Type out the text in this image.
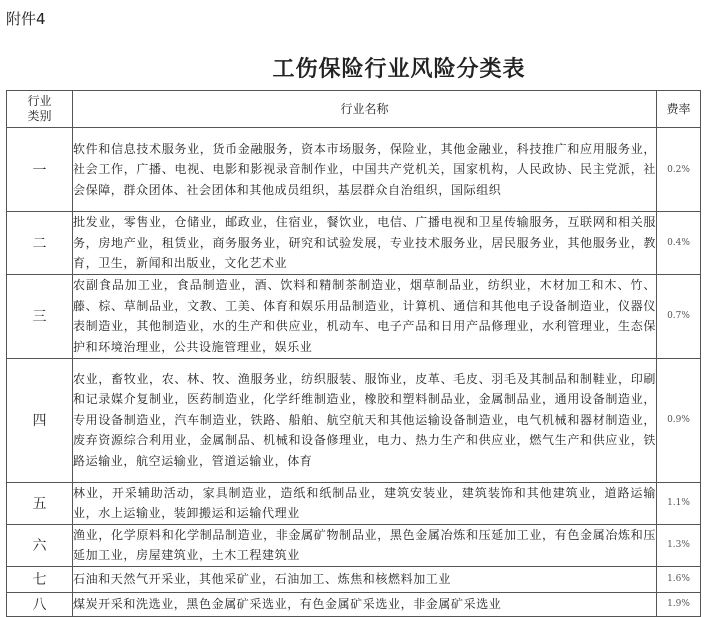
附件4
工伤保险行业风险分类表
行业类别	行业名称	费率
一	软件和信息技术服务业，货币金融服务，资本市场服务，保险业，其他金融业，科技推广和应用服务业，社会工作，广播、电视、电影和影视录音制作业，中国共产党机关，国家机构，人民政协、民主党派，社会保障，群众团体、社会团体和其他成员组织，基层群众自治组织，国际组织	0.2%
二	批发业，零售业，仓储业，邮政业，住宿业，餐饮业，电信、广播电视和卫星传输服务，互联网和相关服务，房地产业，租赁业，商务服务业，研究和试验发展，专业技术服务业，居民服务业，其他服务业，教育，卫生，新闻和出版业，文化艺术业	0.4%
三	农副食品加工业，食品制造业，酒、饮料和精制茶制造业，烟草制品业，纺织业，木材加工和木、竹、藤、棕、草制品业，文教、工美、体育和娱乐用品制造业，计算机、通信和其他电子设备制造业，仪器仪表制造业，其他制造业，水的生产和供应业，机动车、电子产品和日用产品修理业，水利管理业，生态保护和环境治理业，公共设施管理业，娱乐业	0.7%
四	农业，畜牧业，农、林、牧、渔服务业，纺织服装、服饰业，皮革、毛皮、羽毛及其制品和制鞋业，印刷和记录媒介复制业，医药制造业，化学纤维制造业，橡胶和塑料制品业，金属制品业，通用设备制造业，专用设备制造业，汽车制造业，铁路、船舶、航空航天和其他运输设备制造业，电气机械和器材制造业，废弃资源综合利用业，金属制品、机械和设备修理业，电力、热力生产和供应业，燃气生产和供应业，铁路运输业，航空运输业，管道运输业，体育	0.9%
五	林业，开采辅助活动，家具制造业，造纸和纸制品业，建筑安装业，建筑装饰和其他建筑业，道路运输业，水上运输业，装卸搬运和运输代理业	1.1%
六	渔业，化学原料和化学制品制造业，非金属矿物制品业，黑色金属冶炼和压延加工业，有色金属冶炼和压延加工业，房屋建筑业，土木工程建筑业	1.3%
七	石油和天然气开采业，其他采矿业，石油加工、炼焦和核燃料加工业	1.6%
八	煤炭开采和洗选业，黑色金属矿采选业，有色金属矿采选业，非金属矿采选业	1.9%
